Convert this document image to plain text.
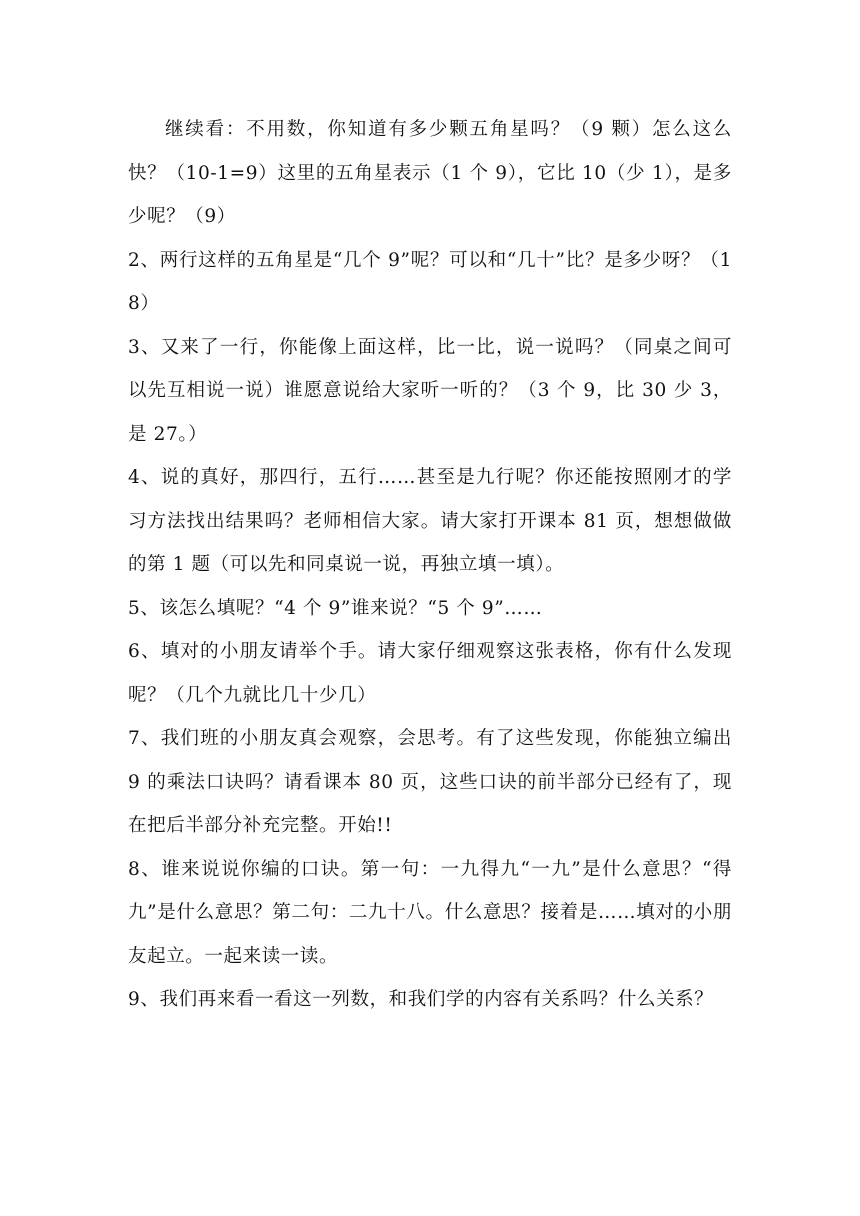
继续看：不用数，你知道有多少颗五角星吗？（9 颗）怎么这么快？（10-1=9）这里的五角星表示（1 个 9），它比 10（少 1），是多少呢？（9）

2、两行这样的五角星是“几个 9”呢？可以和“几十”比？是多少呀？（18）

3、又来了一行，你能像上面这样，比一比，说一说吗？（同桌之间可以先互相说一说）谁愿意说给大家听一听的？（3 个 9，比 30 少 3，是 27。）

4、说的真好，那四行，五行……甚至是九行呢？你还能按照刚才的学习方法找出结果吗？老师相信大家。请大家打开课本 81 页，想想做做的第 1 题（可以先和同桌说一说，再独立填一填）。

5、该怎么填呢？“4 个 9”谁来说？“5 个 9”……

6、填对的小朋友请举个手。请大家仔细观察这张表格，你有什么发现呢？（几个九就比几十少几）

7、我们班的小朋友真会观察，会思考。有了这些发现，你能独立编出 9 的乘法口诀吗？请看课本 80 页，这些口诀的前半部分已经有了，现在把后半部分补充完整。开始!!

8、谁来说说你编的口诀。第一句：一九得九“一九”是什么意思？“得九”是什么意思？第二句：二九十八。什么意思？接着是……填对的小朋友起立。一起来读一读。

9、我们再来看一看这一列数，和我们学的内容有关系吗？什么关系？
